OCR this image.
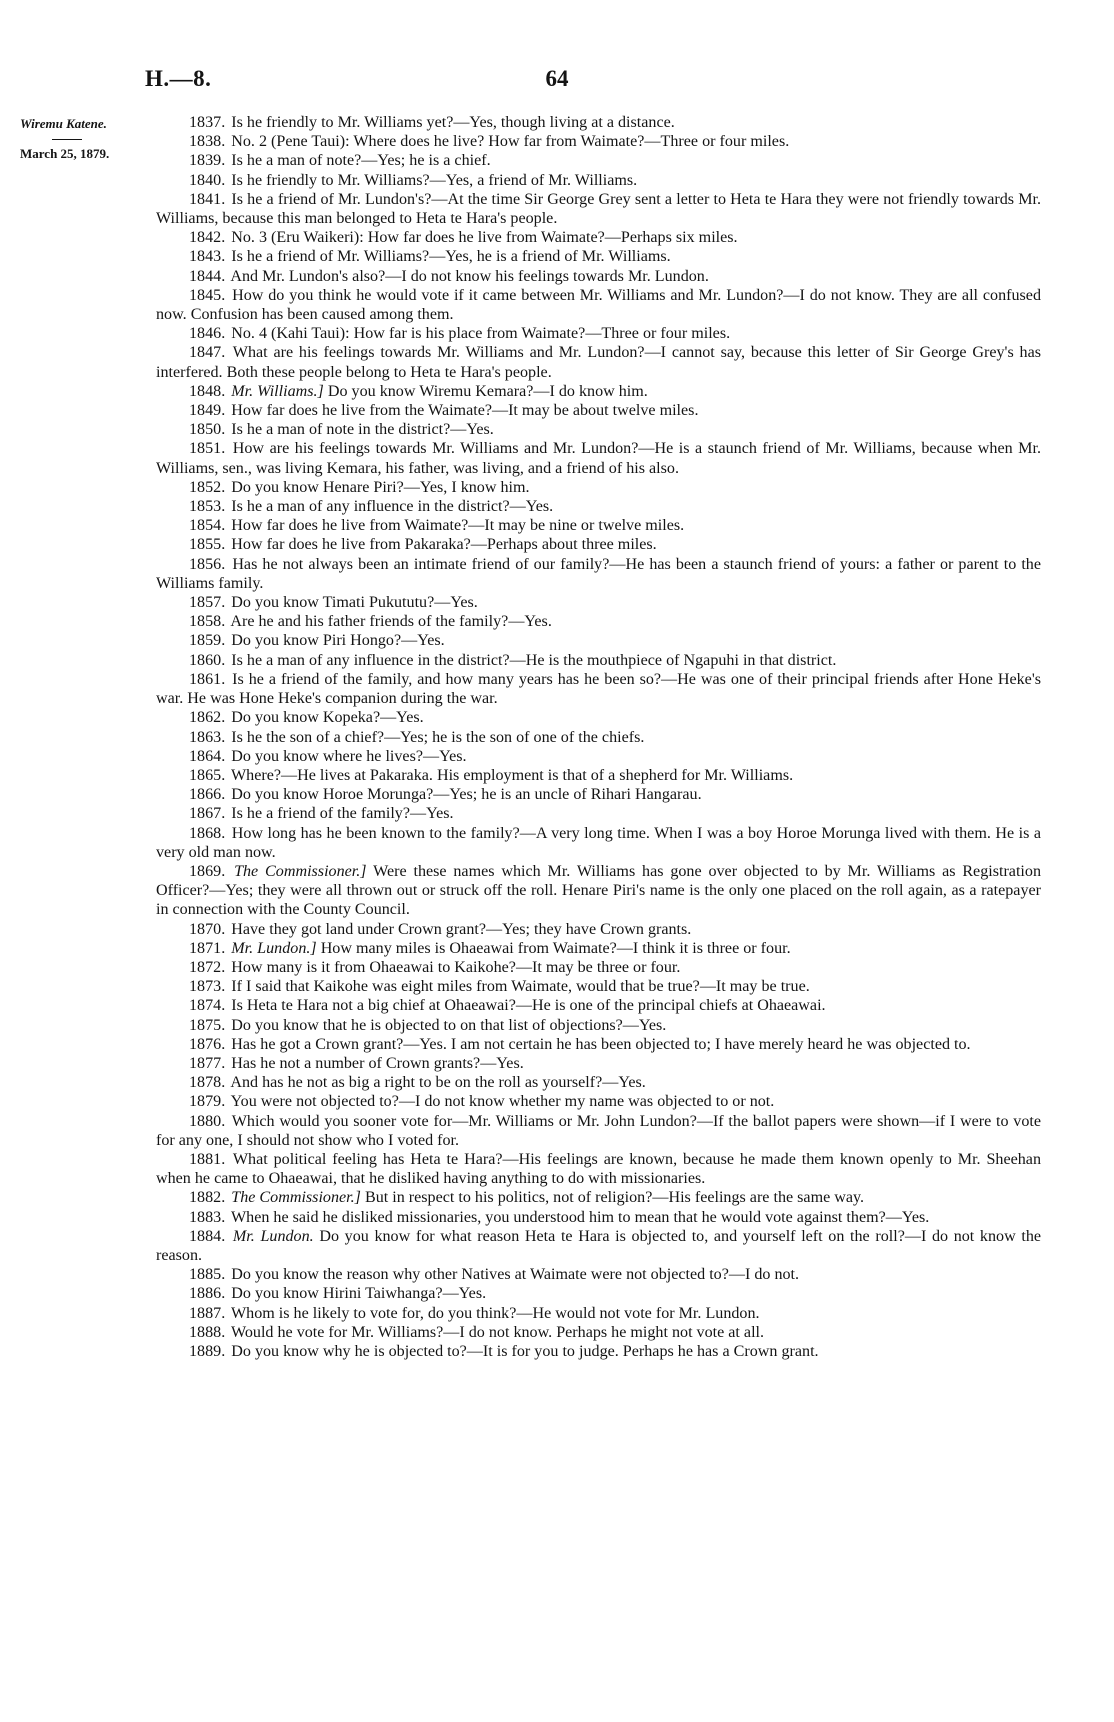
H.—8.	64
Wiremu Katene.
March 25, 1879.

1837. Is he friendly to Mr. Williams yet?—Yes, though living at a distance.

1838. No. 2 (Pene Taui): Where does he live? How far from Waimate?—Three or four miles.

1839. Is he a man of note?—Yes; he is a chief.

1840. Is he friendly to Mr. Williams?—Yes, a friend of Mr. Williams.

1841. Is he a friend of Mr. Lundon's?—At the time Sir George Grey sent a letter to Heta te Hara they were not friendly towards Mr. Williams, because this man belonged to Heta te Hara's people.

1842. No. 3 (Eru Waikeri): How far does he live from Waimate?—Perhaps six miles.

1843. Is he a friend of Mr. Williams?—Yes, he is a friend of Mr. Williams.

1844. And Mr. Lundon's also?—I do not know his feelings towards Mr. Lundon.

1845. How do you think he would vote if it came between Mr. Williams and Mr. Lundon?—I do not know. They are all confused now. Confusion has been caused among them.

1846. No. 4 (Kahi Taui): How far is his place from Waimate?—Three or four miles.

1847. What are his feelings towards Mr. Williams and Mr. Lundon?—I cannot say, because this letter of Sir George Grey's has interfered. Both these people belong to Heta te Hara's people.

1848. Mr. Williams.] Do you know Wiremu Kemara?—I do know him.

1849. How far does he live from the Waimate?—It may be about twelve miles.

1850. Is he a man of note in the district?—Yes.

1851. How are his feelings towards Mr. Williams and Mr. Lundon?—He is a staunch friend of Mr. Williams, because when Mr. Williams, sen., was living Kemara, his father, was living, and a friend of his also.

1852. Do you know Henare Piri?—Yes, I know him.

1853. Is he a man of any influence in the district?—Yes.

1854. How far does he live from Waimate?—It may be nine or twelve miles.

1855. How far does he live from Pakaraka?—Perhaps about three miles.

1856. Has he not always been an intimate friend of our family?—He has been a staunch friend of yours: a father or parent to the Williams family.

1857. Do you know Timati Pukututu?—Yes.

1858. Are he and his father friends of the family?—Yes.

1859. Do you know Piri Hongo?—Yes.

1860. Is he a man of any influence in the district?—He is the mouthpiece of Ngapuhi in that district.

1861. Is he a friend of the family, and how many years has he been so?—He was one of their principal friends after Hone Heke's war. He was Hone Heke's companion during the war.

1862. Do you know Kopeka?—Yes.

1863. Is he the son of a chief?—Yes; he is the son of one of the chiefs.

1864. Do you know where he lives?—Yes.

1865. Where?—He lives at Pakaraka. His employment is that of a shepherd for Mr. Williams.

1866. Do you know Horoe Morunga?—Yes; he is an uncle of Rihari Hangarau.

1867. Is he a friend of the family?—Yes.

1868. How long has he been known to the family?—A very long time. When I was a boy Horoe Morunga lived with them. He is a very old man now.

1869. The Commissioner.] Were these names which Mr. Williams has gone over objected to by Mr. Williams as Registration Officer?—Yes; they were all thrown out or struck off the roll. Henare Piri's name is the only one placed on the roll again, as a ratepayer in connection with the County Council.

1870. Have they got land under Crown grant?—Yes; they have Crown grants.

1871. Mr. Lundon.] How many miles is Ohaeawai from Waimate?—I think it is three or four.

1872. How many is it from Ohaeawai to Kaikohe?—It may be three or four.

1873. If I said that Kaikohe was eight miles from Waimate, would that be true?—It may be true.

1874. Is Heta te Hara not a big chief at Ohaeawai?—He is one of the principal chiefs at Ohaeawai.

1875. Do you know that he is objected to on that list of objections?—Yes.

1876. Has he got a Crown grant?—Yes. I am not certain he has been objected to; I have merely heard he was objected to.

1877. Has he not a number of Crown grants?—Yes.

1878. And has he not as big a right to be on the roll as yourself?—Yes.

1879. You were not objected to?—I do not know whether my name was objected to or not.

1880. Which would you sooner vote for—Mr. Williams or Mr. John Lundon?—If the ballot papers were shown—if I were to vote for any one, I should not show who I voted for.

1881. What political feeling has Heta te Hara?—His feelings are known, because he made them known openly to Mr. Sheehan when he came to Ohaeawai, that he disliked having anything to do with missionaries.

1882. The Commissioner.] But in respect to his politics, not of religion?—His feelings are the same way.

1883. When he said he disliked missionaries, you understood him to mean that he would vote against them?—Yes.

1884. Mr. Lundon. Do you know for what reason Heta te Hara is objected to, and yourself left on the roll?—I do not know the reason.

1885. Do you know the reason why other Natives at Waimate were not objected to?—I do not.

1886. Do you know Hirini Taiwhanga?—Yes.

1887. Whom is he likely to vote for, do you think?—He would not vote for Mr. Lundon.

1888. Would he vote for Mr. Williams?—I do not know. Perhaps he might not vote at all.

1889. Do you know why he is objected to?—It is for you to judge. Perhaps he has a Crown grant.
